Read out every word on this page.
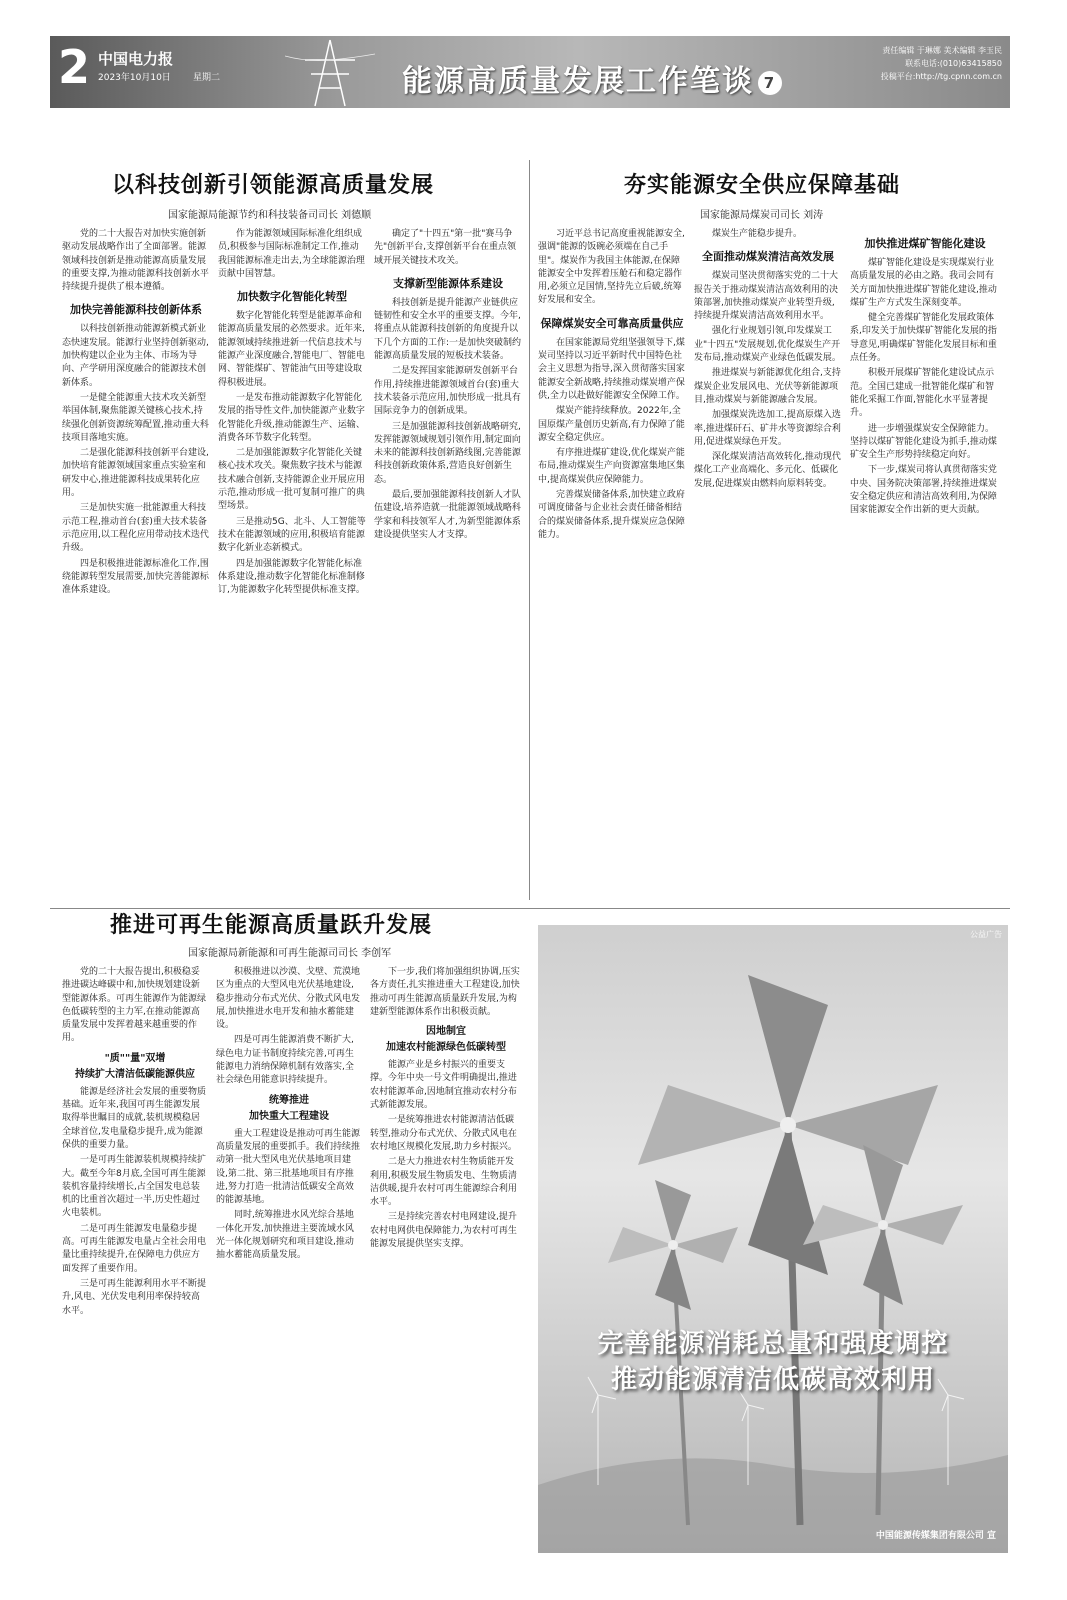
2 中国电力报
2023年10月10日 星期二	能源高质量发展工作笔谈 7
责任编辑 于琳娜 美术编辑 李玉民
联系电话:(010)63415850
投稿平台:http://tg.cpnn.com.cn
以科技创新引领能源高质量发展
国家能源局能源节约和科技装备司司长 刘德顺

党的二十大报告对加快实施创新驱动发展战略作出了全面部署。能源领域科技创新是推动能源高质量发展的重要支撑,为推动能源科技创新水平持续提升提供了根本遵循。

加快完善能源科技创新体系

以科技创新推动能源新模式新业态快速发展。能源行业坚持创新驱动,加快构建以企业为主体、市场为导向、产学研用深度融合的能源技术创新体系。

一是健全能源重大技术攻关新型举国体制,聚焦能源关键核心技术,持续强化创新资源统筹配置,推动重大科技项目落地实施。

二是强化能源科技创新平台建设,加快培育能源领域国家重点实验室和研发中心,推进能源科技成果转化应用。

三是加快实施一批能源重大科技示范工程,推动首台(套)重大技术装备示范应用,以工程化应用带动技术迭代升级。

四是积极推进能源标准化工作,围绕能源转型发展需要,加快完善能源标准体系建设。

作为能源领域国际标准化组织成员,积极参与国际标准制定工作,推动我国能源标准走出去,为全球能源治理贡献中国智慧。

加快数字化智能化转型

数字化智能化转型是能源革命和能源高质量发展的必然要求。近年来,能源领域持续推进新一代信息技术与能源产业深度融合,智能电厂、智能电网、智能煤矿、智能油气田等建设取得积极进展。

一是发布推动能源数字化智能化发展的指导性文件,加快能源产业数字化智能化升级,推动能源生产、运输、消费各环节数字化转型。

二是加强能源数字化智能化关键核心技术攻关。聚焦数字技术与能源技术融合创新,支持能源企业开展应用示范,推动形成一批可复制可推广的典型场景。

三是推动5G、北斗、人工智能等技术在能源领域的应用,积极培育能源数字化新业态新模式。

四是加强能源数字化智能化标准体系建设,推动数字化智能化标准制修订,为能源数字化转型提供标准支撑。

确定了"十四五"第一批"赛马争先"创新平台,支撑创新平台在重点领域开展关键技术攻关。

支撑新型能源体系建设

科技创新是提升能源产业链供应链韧性和安全水平的重要支撑。今年,将重点从能源科技创新的角度提升以下几个方面的工作:一是加快突破制约能源高质量发展的短板技术装备。

二是发挥国家能源研发创新平台作用,持续推进能源领域首台(套)重大技术装备示范应用,加快形成一批具有国际竞争力的创新成果。

三是加强能源科技创新战略研究,发挥能源领域规划引领作用,制定面向未来的能源科技创新路线图,完善能源科技创新政策体系,营造良好创新生态。

最后,要加强能源科技创新人才队伍建设,培养造就一批能源领域战略科学家和科技领军人才,为新型能源体系建设提供坚实人才支撑。

夯实能源安全供应保障基础
国家能源局煤炭司司长 刘涛

习近平总书记高度重视能源安全,强调"能源的饭碗必须端在自己手里"。煤炭作为我国主体能源,在保障能源安全中发挥着压舱石和稳定器作用,必须立足国情,坚持先立后破,统筹好发展和安全。

保障煤炭安全可靠高质量供应

在国家能源局党组坚强领导下,煤炭司坚持以习近平新时代中国特色社会主义思想为指导,深入贯彻落实国家能源安全新战略,持续推动煤炭增产保供,全力以赴做好能源安全保障工作。

煤炭产能持续释放。2022年,全国原煤产量创历史新高,有力保障了能源安全稳定供应。

有序推进煤矿建设,优化煤炭产能布局,推动煤炭生产向资源富集地区集中,提高煤炭供应保障能力。

完善煤炭储备体系,加快建立政府可调度储备与企业社会责任储备相结合的煤炭储备体系,提升煤炭应急保障能力。

煤炭生产能稳步提升。

全面推动煤炭清洁高效发展

煤炭司坚决贯彻落实党的二十大报告关于推动煤炭清洁高效利用的决策部署,加快推动煤炭产业转型升级,持续提升煤炭清洁高效利用水平。

强化行业规划引领,印发煤炭工业"十四五"发展规划,优化煤炭生产开发布局,推动煤炭产业绿色低碳发展。

推进煤炭与新能源优化组合,支持煤炭企业发展风电、光伏等新能源项目,推动煤炭与新能源融合发展。

加强煤炭洗选加工,提高原煤入选率,推进煤矸石、矿井水等资源综合利用,促进煤炭绿色开发。

深化煤炭清洁高效转化,推动现代煤化工产业高端化、多元化、低碳化发展,促进煤炭由燃料向原料转变。

加快推进煤矿智能化建设

煤矿智能化建设是实现煤炭行业高质量发展的必由之路。我司会同有关方面加快推进煤矿智能化建设,推动煤矿生产方式发生深刻变革。

健全完善煤矿智能化发展政策体系,印发关于加快煤矿智能化发展的指导意见,明确煤矿智能化发展目标和重点任务。

积极开展煤矿智能化建设试点示范。全国已建成一批智能化煤矿和智能化采掘工作面,智能化水平显著提升。

进一步增强煤炭安全保障能力。坚持以煤矿智能化建设为抓手,推动煤矿安全生产形势持续稳定向好。

下一步,煤炭司将认真贯彻落实党中央、国务院决策部署,持续推进煤炭安全稳定供应和清洁高效利用,为保障国家能源安全作出新的更大贡献。

推进可再生能源高质量跃升发展
国家能源局新能源和可再生能源司司长 李创军

党的二十大报告提出,积极稳妥推进碳达峰碳中和,加快规划建设新型能源体系。可再生能源作为能源绿色低碳转型的主力军,在推动能源高质量发展中发挥着越来越重要的作用。

"质""量"双增
持续扩大清洁低碳能源供应

能源是经济社会发展的重要物质基础。近年来,我国可再生能源发展取得举世瞩目的成就,装机规模稳居全球首位,发电量稳步提升,成为能源保供的重要力量。

一是可再生能源装机规模持续扩大。截至今年8月底,全国可再生能源装机容量持续增长,占全国发电总装机的比重首次超过一半,历史性超过火电装机。

二是可再生能源发电量稳步提高。可再生能源发电量占全社会用电量比重持续提升,在保障电力供应方面发挥了重要作用。

三是可再生能源利用水平不断提升,风电、光伏发电利用率保持较高水平。

积极推进以沙漠、戈壁、荒漠地区为重点的大型风电光伏基地建设,稳步推动分布式光伏、分散式风电发展,加快推进水电开发和抽水蓄能建设。

四是可再生能源消费不断扩大,绿色电力证书制度持续完善,可再生能源电力消纳保障机制有效落实,全社会绿色用能意识持续提升。

统筹推进
加快重大工程建设

重大工程建设是推动可再生能源高质量发展的重要抓手。我们持续推动第一批大型风电光伏基地项目建设,第二批、第三批基地项目有序推进,努力打造一批清洁低碳安全高效的能源基地。

同时,统筹推进水风光综合基地一体化开发,加快推进主要流域水风光一体化规划研究和项目建设,推动抽水蓄能高质量发展。

下一步,我们将加强组织协调,压实各方责任,扎实推进重大工程建设,加快推动可再生能源高质量跃升发展,为构建新型能源体系作出积极贡献。

因地制宜
加速农村能源绿色低碳转型

能源产业是乡村振兴的重要支撑。今年中央一号文件明确提出,推进农村能源革命,因地制宜推动农村分布式新能源发展。

一是统筹推进农村能源清洁低碳转型,推动分布式光伏、分散式风电在农村地区规模化发展,助力乡村振兴。

二是大力推进农村生物质能开发利用,积极发展生物质发电、生物质清洁供暖,提升农村可再生能源综合利用水平。

三是持续完善农村电网建设,提升农村电网供电保障能力,为农村可再生能源发展提供坚实支撑。

公益广告
完善能源消耗总量和强度调控
推动能源清洁低碳高效利用
中国能源传媒集团有限公司 宣
